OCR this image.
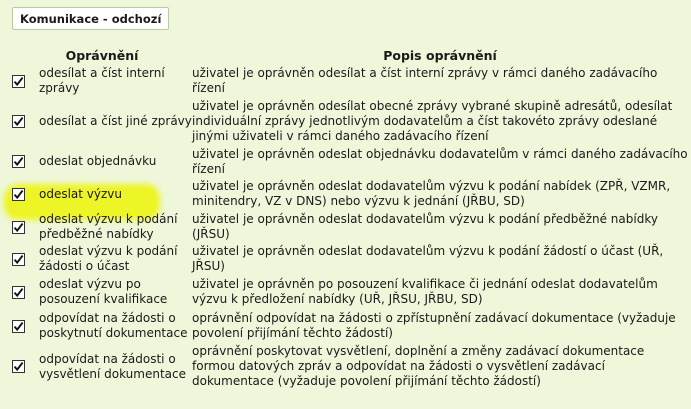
Komunikace - odchozí
Oprávnění		Popis oprávnění

	odesílat a číst interní zprávy	uživatel je oprávněn odesílat a číst interní zprávy v rámci daného zadávacího řízení

	odesílat a číst jiné zprávy	uživatel je oprávněn odesílat obecné zprávy vybrané skupině adresátů, odesílat individuální zprávy jednotlivým dodavatelům a číst takovéto zprávy odeslané jinými uživateli v rámci daného zadávacího řízení

	odeslat objednávku	uživatel je oprávněn odeslat objednávku dodavatelům v rámci daného zadávacího řízení

	odeslat výzvu	uživatel je oprávněn odeslat dodavatelům výzvu k podání nabídek (ZPŘ, VZMR, minitendry, VZ v DNS) nebo výzvu k jednání (JŘBU, SD)

	odeslat výzvu k podání předběžné nabídky	uživatel je oprávněn odeslat dodavatelům výzvu k podání předběžné nabídky (JŘSU)

	odeslat výzvu k podání žádosti o účast	uživatel je oprávněn odeslat dodavatelům výzvu k podání žádostí o účast (UŘ, JŘSU)

	odeslat výzvu po posouzení kvalifikace	uživatel je oprávněn po posouzení kvalifikace či jednání odeslat dodavatelům výzvu k předložení nabídky (UŘ, JŘSU, JŘBU, SD)

	odpovídat na žádosti o poskytnutí dokumentace	oprávnění odpovídat na žádosti o zpřístupnění zadávací dokumentace (vyžaduje povolení přijímání těchto žádostí)

	odpovídat na žádosti o vysvětlení dokumentace	oprávnění poskytovat vysvětlení, doplnění a změny zadávací dokumentace formou datových zpráv a odpovídat na žádosti o vysvětlení zadávací dokumentace (vyžaduje povolení přijímání těchto žádostí)
